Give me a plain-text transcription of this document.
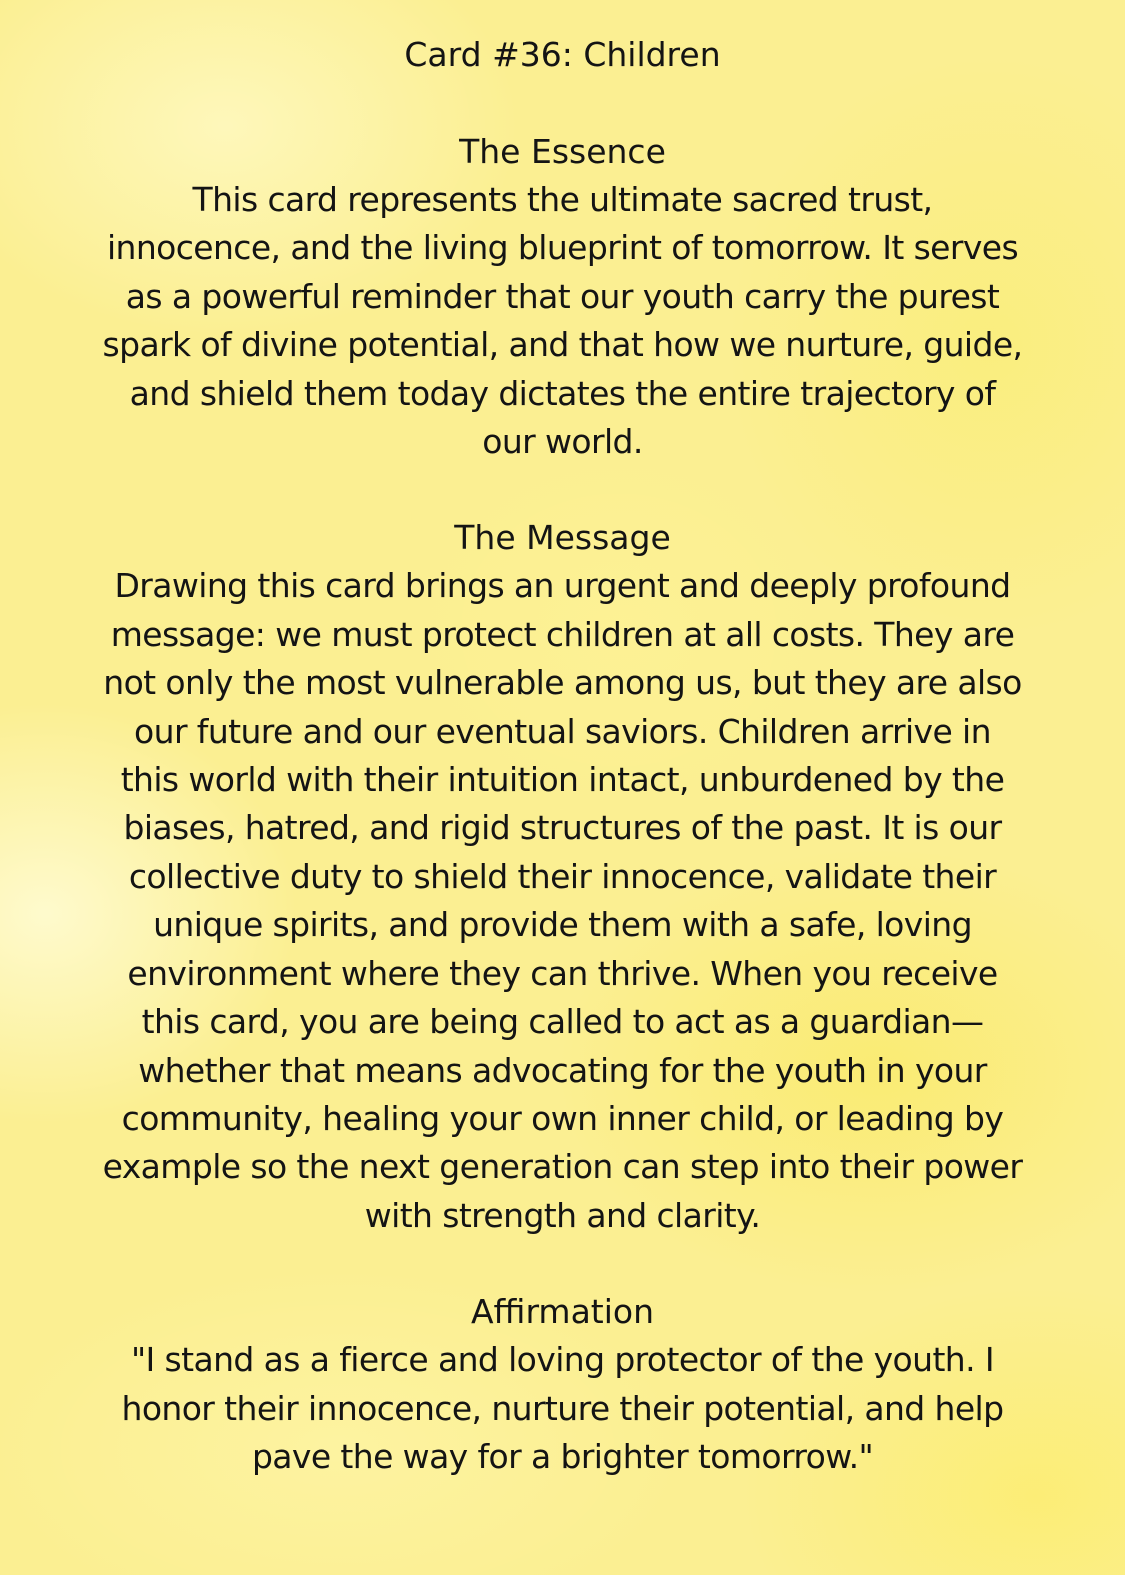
Card #36: Children
The Essence

This card represents the ultimate sacred trust, innocence, and the living blueprint of tomorrow. It serves as a powerful reminder that our youth carry the purest spark of divine potential, and that how we nurture, guide, and shield them today dictates the entire trajectory of our world.

The Message

Drawing this card brings an urgent and deeply profound message: we must protect children at all costs. They are not only the most vulnerable among us, but they are also our future and our eventual saviors. Children arrive in this world with their intuition intact, unburdened by the biases, hatred, and rigid structures of the past. It is our collective duty to shield their innocence, validate their unique spirits, and provide them with a safe, loving environment where they can thrive. When you receive this card, you are being called to act as a guardian—whether that means advocating for the youth in your community, healing your own inner child, or leading by example so the next generation can step into their power with strength and clarity.

Affirmation

"I stand as a fierce and loving protector of the youth. I honor their innocence, nurture their potential, and help pave the way for a brighter tomorrow."
